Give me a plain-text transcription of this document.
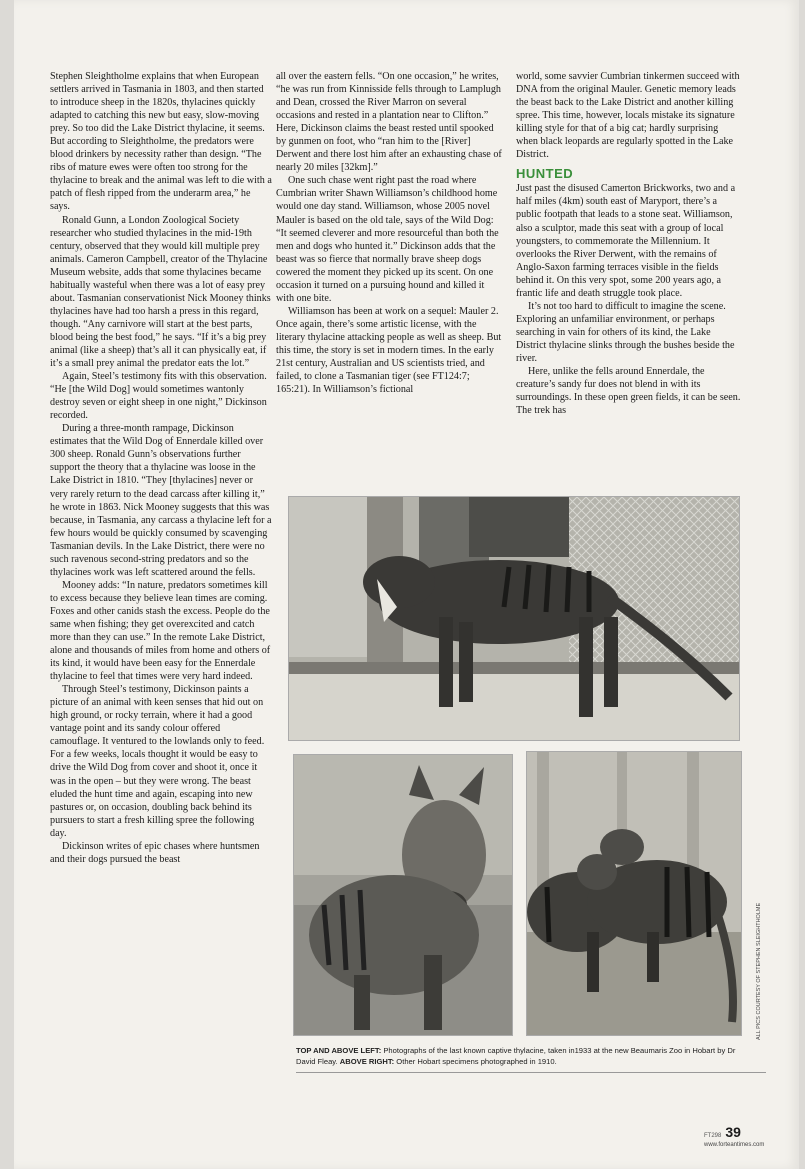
Stephen Sleightholme explains that when European settlers arrived in Tasmania in 1803, and then started to introduce sheep in the 1820s, thylacines quickly adapted to catching this new but easy, slow-moving prey. So too did the Lake District thylacine, it seems. But according to Sleightholme, the predators were blood drinkers by necessity rather than design. “The ribs of mature ewes were often too strong for the thylacine to break and the animal was left to die with a patch of flesh ripped from the underarm area,” he says.

Ronald Gunn, a London Zoological Society researcher who studied thylacines in the mid-19th century, observed that they would kill multiple prey animals. Cameron Campbell, creator of the Thylacine Museum website, adds that some thylacines became habitually wasteful when there was a lot of easy prey about. Tasmanian conservationist Nick Mooney thinks thylacines have had too harsh a press in this regard, though. “Any carnivore will start at the best parts, blood being the best food,” he says. “If it’s a big prey animal (like a sheep) that’s all it can physically eat, if it’s a small prey animal the predator eats the lot.”

Again, Steel’s testimony fits with this observation. “He [the Wild Dog] would sometimes wantonly destroy seven or eight sheep in one night,” Dickinson recorded.

During a three-month rampage, Dickinson estimates that the Wild Dog of Ennerdale killed over 300 sheep. Ronald Gunn’s observations further support the theory that a thylacine was loose in the Lake District in 1810. “They [thylacines] never or very rarely return to the dead carcass after killing it,” he wrote in 1863. Nick Mooney suggests that this was because, in Tasmania, any carcass a thylacine left for a few hours would be quickly consumed by scavenging Tasmanian devils. In the Lake District, there were no such ravenous second-string predators and so the thylacines work was left scattered around the fells.

Mooney adds: “In nature, predators sometimes kill to excess because they believe lean times are coming. Foxes and other canids stash the excess. People do the same when fishing; they get overexcited and catch more than they can use.” In the remote Lake District, alone and thousands of miles from home and others of its kind, it would have been easy for the Ennerdale thylacine to feel that times were very hard indeed.

Through Steel’s testimony, Dickinson paints a picture of an animal with keen senses that hid out on high ground, or rocky terrain, where it had a good vantage point and its sandy colour offered camouflage. It ventured to the lowlands only to feed. For a few weeks, locals thought it would be easy to drive the Wild Dog from cover and shoot it, once it was in the open – but they were wrong. The beast eluded the hunt time and again, escaping into new pastures or, on occasion, doubling back behind its pursuers to start a fresh killing spree the following day.

Dickinson writes of epic chases where huntsmen and their dogs pursued the beast

all over the eastern fells. “On one occasion,” he writes, “he was run from Kinnisside fells through to Lamplugh and Dean, crossed the River Marron on several occasions and rested in a plantation near to Clifton.” Here, Dickinson claims the beast rested until spooked by gunmen on foot, who “ran him to the [River] Derwent and there lost him after an exhausting chase of nearly 20 miles [32km].”

One such chase went right past the road where Cumbrian writer Shawn Williamson’s childhood home would one day stand. Williamson, whose 2005 novel Mauler is based on the old tale, says of the Wild Dog: “It seemed cleverer and more resourceful than both the men and dogs who hunted it.” Dickinson adds that the beast was so fierce that normally brave sheep dogs cowered the moment they picked up its scent. On one occasion it turned on a pursuing hound and killed it with one bite.

Williamson has been at work on a sequel: Mauler 2. Once again, there’s some artistic license, with the literary thylacine attacking people as well as sheep. But this time, the story is set in modern times. In the early 21st century, Australian and US scientists tried, and failed, to clone a Tasmanian tiger (see FT124:7; 165:21). In Williamson’s fictional

world, some savvier Cumbrian tinkermen succeed with DNA from the original Mauler. Genetic memory leads the beast back to the Lake District and another killing spree. This time, however, locals mistake its signature killing style for that of a big cat; hardly surprising when black leopards are regularly spotted in the Lake District.

HUNTED

Just past the disused Camerton Brickworks, two and a half miles (4km) south east of Maryport, there’s a public footpath that leads to a stone seat. Williamson, also a sculptor, made this seat with a group of local youngsters, to commemorate the Millennium. It overlooks the River Derwent, with the remains of Anglo-Saxon farming terraces visible in the fields behind it. On this very spot, some 200 years ago, a frantic life and death struggle took place.

It’s not too hard to difficult to imagine the scene. Exploring an unfamiliar environment, or perhaps searching in vain for others of its kind, the Lake District thylacine slinks through the bushes beside the river.

Here, unlike the fells around Ennerdale, the creature’s sandy fur does not blend in with its surroundings. In these open green fields, it can be seen. The trek has

ALL PICS COURTESY OF STEPHEN SLEIGHTHOLME
TOP AND ABOVE LEFT: Photographs of the last known captive thylacine, taken in1933 at the new Beaumaris Zoo in Hobart by Dr David Fleay. ABOVE RIGHT: Other Hobart specimens photographed in 1910.
FT298 39
www.forteantimes.com
